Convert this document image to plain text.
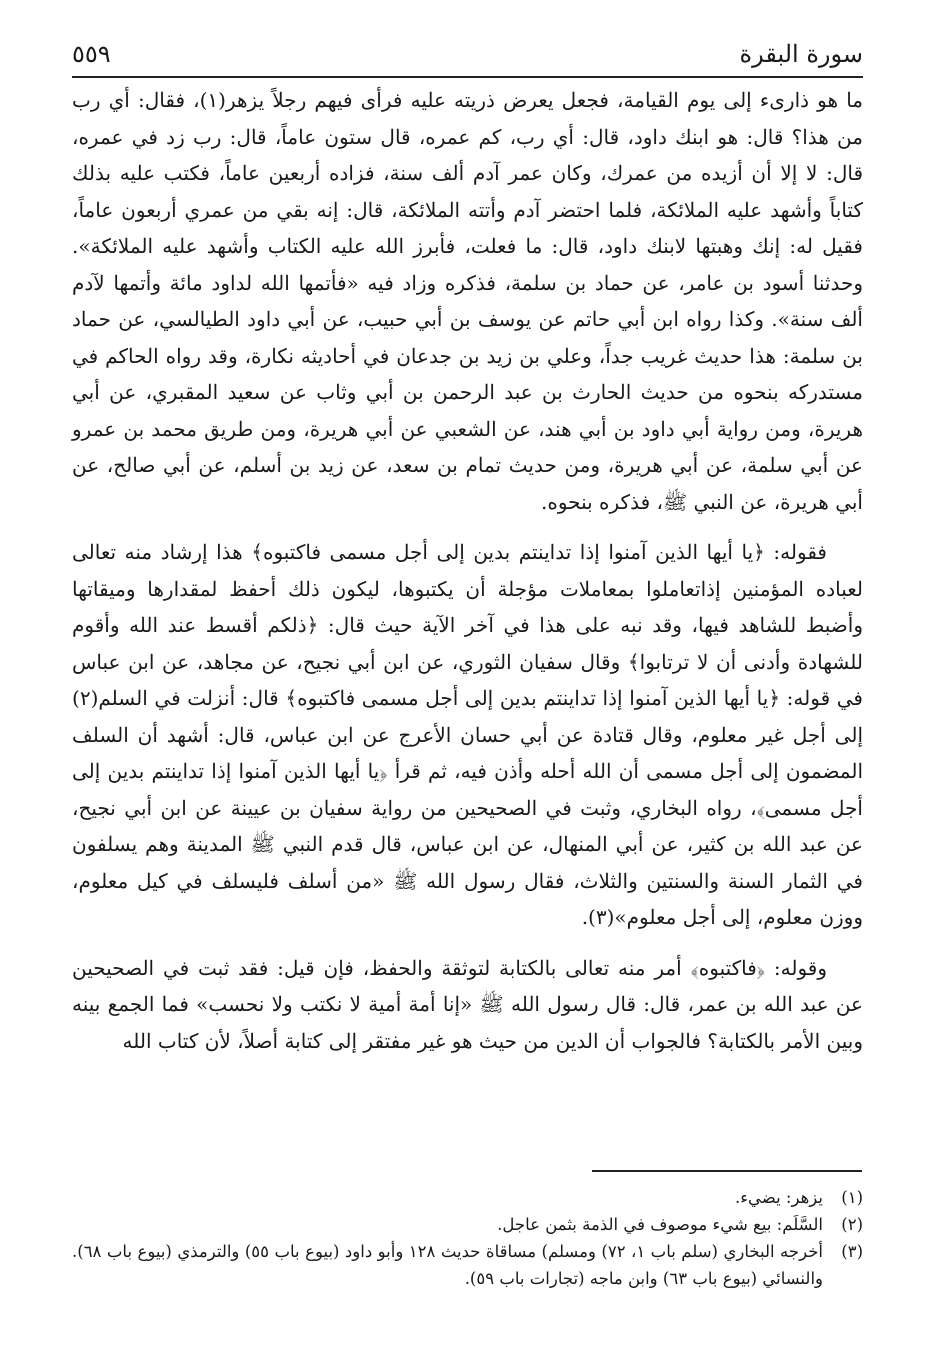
سورة البقرة
٥٥٩

ما هو ذارىء إلى يوم القيامة، فجعل يعرض ذريته عليه فرأى فيهم رجلاً يزهر(١)، فقال: أي رب من هذا؟ قال: هو ابنك داود، قال: أي رب، كم عمره، قال ستون عاماً، قال: رب زد في عمره، قال: لا إلا أن أزيده من عمرك، وكان عمر آدم ألف سنة، فزاده أربعين عاماً، فكتب عليه بذلك كتاباً وأشهد عليه الملائكة، فلما احتضر آدم وأتته الملائكة، قال: إنه بقي من عمري أربعون عاماً، فقيل له: إنك وهبتها لابنك داود، قال: ما فعلت، فأبرز الله عليه الكتاب وأشهد عليه الملائكة». وحدثنا أسود بن عامر، عن حماد بن سلمة، فذكره وزاد فيه «فأتمها الله لداود مائة وأتمها لآدم ألف سنة». وكذا رواه ابن أبي حاتم عن يوسف بن أبي حبيب، عن أبي داود الطيالسي، عن حماد بن سلمة: هذا حديث غريب جداً، وعلي بن زيد بن جدعان في أحاديثه نكارة، وقد رواه الحاكم في مستدركه بنحوه من حديث الحارث بن عبد الرحمن بن أبي وثاب عن سعيد المقبري، عن أبي هريرة، ومن رواية أبي داود بن أبي هند، عن الشعبي عن أبي هريرة، ومن طريق محمد بن عمرو عن أبي سلمة، عن أبي هريرة، ومن حديث تمام بن سعد، عن زيد بن أسلم، عن أبي صالح، عن أبي هريرة، عن النبي ﷺ، فذكره بنحوه.

فقوله: ﴿يا أيها الذين آمنوا إذا تداينتم بدين إلى أجل مسمى فاكتبوه﴾ هذا إرشاد منه تعالى لعباده المؤمنين إذاتعاملوا بمعاملات مؤجلة أن يكتبوها، ليكون ذلك أحفظ لمقدارها وميقاتها وأضبط للشاهد فيها، وقد نبه على هذا في آخر الآية حيث قال: ﴿ذلكم أقسط عند الله وأقوم للشهادة وأدنى أن لا ترتابوا﴾ وقال سفيان الثوري، عن ابن أبي نجيح، عن مجاهد، عن ابن عباس في قوله: ﴿يا أيها الذين آمنوا إذا تداينتم بدين إلى أجل مسمى فاكتبوه﴾ قال: أنزلت في السلم(٢) إلى أجل غير معلوم، وقال قتادة عن أبي حسان الأعرج عن ابن عباس، قال: أشهد أن السلف المضمون إلى أجل مسمى أن الله أحله وأذن فيه، ثم قرأ ﴿يا أيها الذين آمنوا إذا تداينتم بدين إلى أجل مسمى﴾، رواه البخاري، وثبت في الصحيحين من رواية سفيان بن عيينة عن ابن أبي نجيح، عن عبد الله بن كثير، عن أبي المنهال، عن ابن عباس، قال قدم النبي ﷺ المدينة وهم يسلفون في الثمار السنة والسنتين والثلاث، فقال رسول الله ﷺ «من أسلف فليسلف في كيل معلوم، ووزن معلوم، إلى أجل معلوم»(٣).

وقوله: ﴿فاكتبوه﴾ أمر منه تعالى بالكتابة لتوثقة والحفظ، فإن قيل: فقد ثبت في الصحيحين عن عبد الله بن عمر، قال: قال رسول الله ﷺ «إنا أمة أمية لا نكتب ولا نحسب» فما الجمع بينه وبين الأمر بالكتابة؟ فالجواب أن الدين من حيث هو غير مفتقر إلى كتابة أصلاً، لأن كتاب الله

(١)
يزهر: يضيء.
(٢)
السَّلَم: بيع شيء موصوف في الذمة بثمن عاجل.
(٣)
أخرجه البخاري (سلم باب ١، ٧٢) ومسلم) مساقاة حديث ١٢٨ وأبو داود (بيوع باب ٥٥) والترمذي (بيوع باب ٦٨). والنسائي (بيوع باب ٦٣) وابن ماجه (تجارات باب ٥٩).
